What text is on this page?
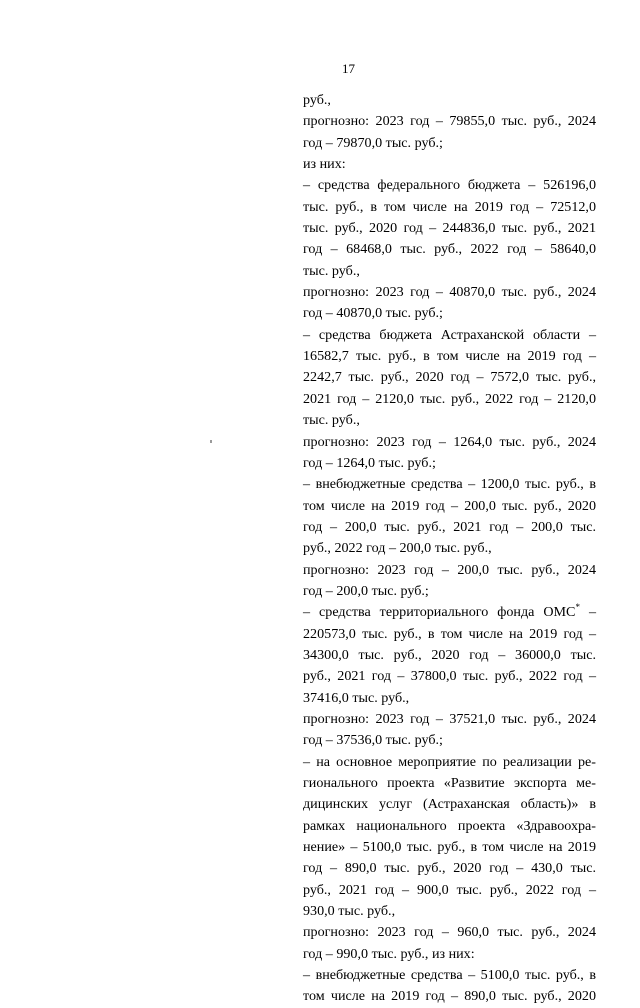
17
руб.,
прогнозно: 2023 год – 79855,0 тыс. руб., 2024
год – 79870,0 тыс. руб.;
из них:
– средства федерального бюджета – 526196,0
тыс. руб., в том числе на 2019 год – 72512,0
тыс. руб., 2020 год – 244836,0 тыс. руб., 2021
год – 68468,0 тыс. руб., 2022 год – 58640,0
тыс. руб.,
прогнозно: 2023 год – 40870,0 тыс. руб., 2024
год – 40870,0 тыс. руб.;
– средства бюджета Астраханской области –
16582,7 тыс. руб., в том числе на 2019 год –
2242,7 тыс. руб., 2020 год – 7572,0 тыс. руб.,
2021 год – 2120,0 тыс. руб., 2022 год – 2120,0
тыс. руб.,
прогнозно: 2023 год – 1264,0 тыс. руб., 2024
год – 1264,0 тыс. руб.;
– внебюджетные средства – 1200,0 тыс. руб., в
том числе на 2019 год – 200,0 тыс. руб., 2020
год – 200,0 тыс. руб., 2021 год – 200,0 тыс.
руб., 2022 год – 200,0 тыс. руб.,
прогнозно: 2023 год – 200,0 тыс. руб., 2024
год – 200,0 тыс. руб.;
– средства территориального фонда ОМС* –
220573,0 тыс. руб., в том числе на 2019 год –
34300,0 тыс. руб., 2020 год – 36000,0 тыс.
руб., 2021 год – 37800,0 тыс. руб., 2022 год –
37416,0 тыс. руб.,
прогнозно: 2023 год – 37521,0 тыс. руб., 2024
год – 37536,0 тыс. руб.;
– на основное мероприятие по реализации ре-
гионального проекта «Развитие экспорта ме-
дицинских услуг (Астраханская область)» в
рамках национального проекта «Здравоохра-
нение» – 5100,0 тыс. руб., в том числе на 2019
год – 890,0 тыс. руб., 2020 год – 430,0 тыс.
руб., 2021 год – 900,0 тыс. руб., 2022 год –
930,0 тыс. руб.,
прогнозно: 2023 год – 960,0 тыс. руб., 2024
год – 990,0 тыс. руб., из них:
– внебюджетные средства – 5100,0 тыс. руб., в
том числе на 2019 год – 890,0 тыс. руб., 2020
